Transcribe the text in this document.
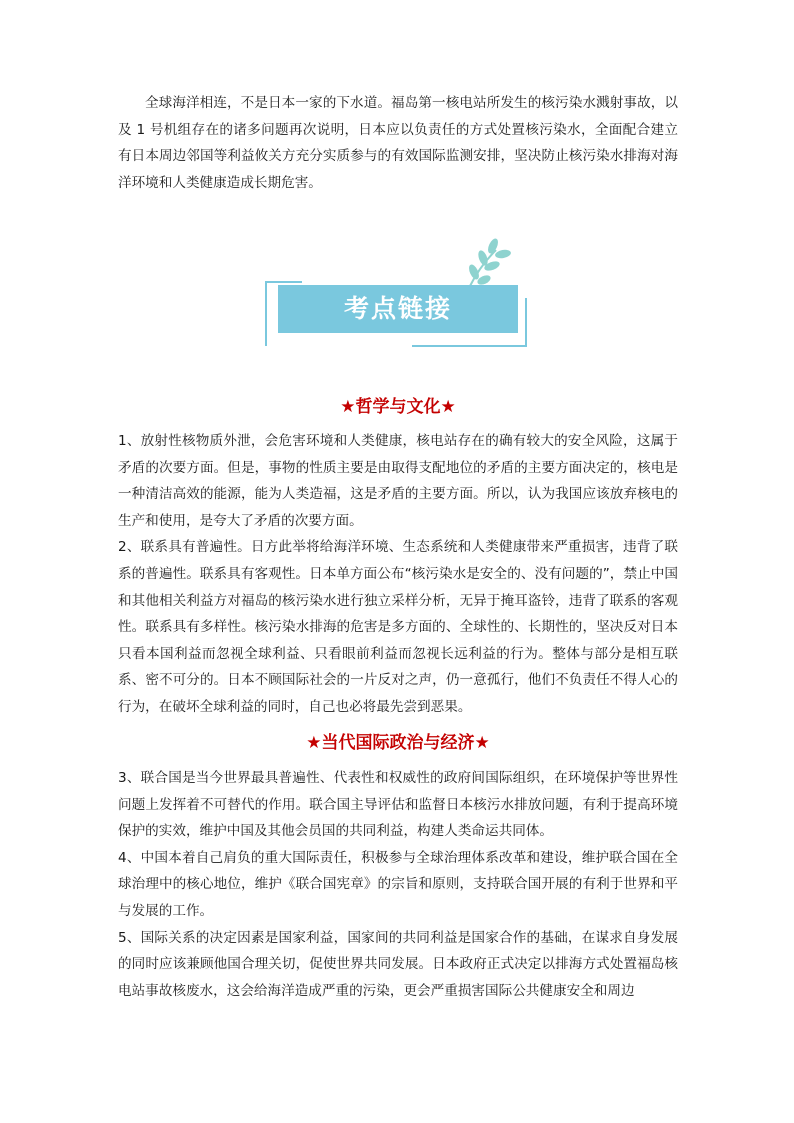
全球海洋相连，不是日本一家的下水道。福岛第一核电站所发生的核污染水溅射事故，以及 1 号机组存在的诸多问题再次说明，日本应以负责任的方式处置核污染水，全面配合建立有日本周边邻国等利益攸关方充分实质参与的有效国际监测安排，坚决防止核污染水排海对海洋环境和人类健康造成长期危害。

考点链接
★哲学与文化★

1、放射性核物质外泄，会危害环境和人类健康，核电站存在的确有较大的安全风险，这属于矛盾的次要方面。但是，事物的性质主要是由取得支配地位的矛盾的主要方面决定的，核电是一种清洁高效的能源，能为人类造福，这是矛盾的主要方面。所以，认为我国应该放弃核电的生产和使用，是夸大了矛盾的次要方面。

2、联系具有普遍性。日方此举将给海洋环境、生态系统和人类健康带来严重损害，违背了联系的普遍性。联系具有客观性。日本单方面公布“核污染水是安全的、没有问题的”，禁止中国和其他相关利益方对福岛的核污染水进行独立采样分析，无异于掩耳盗铃，违背了联系的客观性。联系具有多样性。核污染水排海的危害是多方面的、全球性的、长期性的，坚决反对日本只看本国利益而忽视全球利益、只看眼前利益而忽视长远利益的行为。整体与部分是相互联系、密不可分的。日本不顾国际社会的一片反对之声，仍一意孤行，他们不负责任不得人心的行为，在破坏全球利益的同时，自己也必将最先尝到恶果。

★当代国际政治与经济★

3、联合国是当今世界最具普遍性、代表性和权威性的政府间国际组织，在环境保护等世界性问题上发挥着不可替代的作用。联合国主导评估和监督日本核污水排放问题，有利于提高环境保护的实效，维护中国及其他会员国的共同利益，构建人类命运共同体。

4、中国本着自己肩负的重大国际责任，积极参与全球治理体系改革和建设，维护联合国在全球治理中的核心地位，维护《联合国宪章》的宗旨和原则，支持联合国开展的有利于世界和平与发展的工作。

5、国际关系的决定因素是国家利益，国家间的共同利益是国家合作的基础，在谋求自身发展的同时应该兼顾他国合理关切，促使世界共同发展。日本政府正式决定以排海方式处置福岛核电站事故核废水，这会给海洋造成严重的污染，更会严重损害国际公共健康安全和周边
